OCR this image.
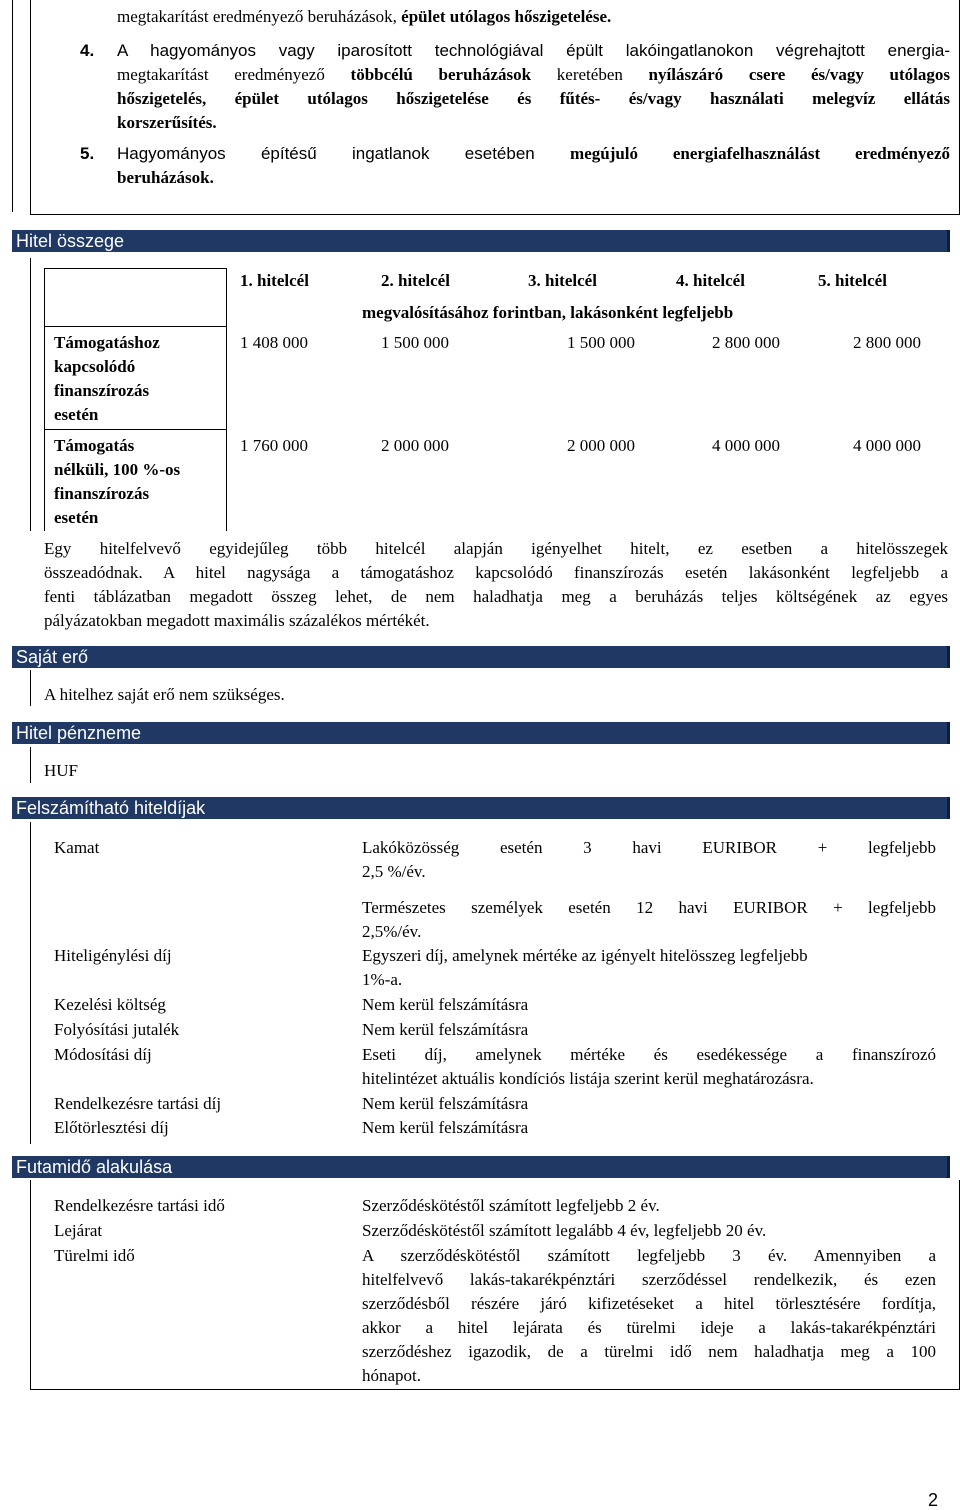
megtakarítást eredményező beruházások, épület utólagos hőszigetelése.
4. A hagyományos vagy iparosított technológiával épült lakóingatlanokon végrehajtott energia-
megtakarítást eredményező többcélú beruházások keretében nyílászáró csere és/vagy utólagos
hőszigetelés, épület utólagos hőszigetelése és fűtés- és/vagy használati melegvíz ellátás
korszerűsítés.
5. Hagyományos építésű ingatlanok esetében megújuló energiafelhasználást eredményező
beruházások.
Hitel összege
1. hitelcél	2. hitelcél	3. hitelcél	4. hitelcél	5. hitelcél
megvalósításához forintban, lakásonként legfeljebb
Támogatáshoz
kapcsolódó
finanszírozás
esetén
1 408 000	1 500 000	1 500 000	2 800 000	2 800 000
Támogatás
nélküli, 100 %-os
finanszírozás
esetén
1 760 000	2 000 000	2 000 000	4 000 000	4 000 000
Egy hitelfelvevő egyidejűleg több hitelcél alapján igényelhet hitelt, ez esetben a hitelösszegek
összeadódnak. A hitel nagysága a támogatáshoz kapcsolódó finanszírozás esetén lakásonként legfeljebb a
fenti táblázatban megadott összeg lehet, de nem haladhatja meg a beruházás teljes költségének az egyes
pályázatokban megadott maximális százalékos mértékét.
Saját erő
A hitelhez saját erő nem szükséges.
Hitel pénzneme
HUF
Felszámítható hiteldíjak
Kamat	Lakóközösség esetén 3 havi EURIBOR + legfeljebb
2,5 %/év.
Természetes személyek esetén 12 havi EURIBOR + legfeljebb
2,5%/év.
Hiteligénylési díj	Egyszeri díj, amelynek mértéke az igényelt hitelösszeg legfeljebb
1%-a.
Kezelési költség	Nem kerül felszámításra
Folyósítási jutalék	Nem kerül felszámításra
Módosítási díj	Eseti díj, amelynek mértéke és esedékessége a finanszírozó
hitelintézet aktuális kondíciós listája szerint kerül meghatározásra.
Rendelkezésre tartási díj	Nem kerül felszámításra
Előtörlesztési díj	Nem kerül felszámításra
Futamidő alakulása
Rendelkezésre tartási idő	Szerződéskötéstől számított legfeljebb 2 év.
Lejárat	Szerződéskötéstől számított legalább 4 év, legfeljebb 20 év.
Türelmi idő	A szerződéskötéstől számított legfeljebb 3 év. Amennyiben a
hitelfelvevő lakás-takarékpénztári szerződéssel rendelkezik, és ezen
szerződésből részére járó kifizetéseket a hitel törlesztésére fordítja,
akkor a hitel lejárata és türelmi ideje a lakás-takarékpénztári
szerződéshez igazodik, de a türelmi idő nem haladhatja meg a 100
hónapot.
2
